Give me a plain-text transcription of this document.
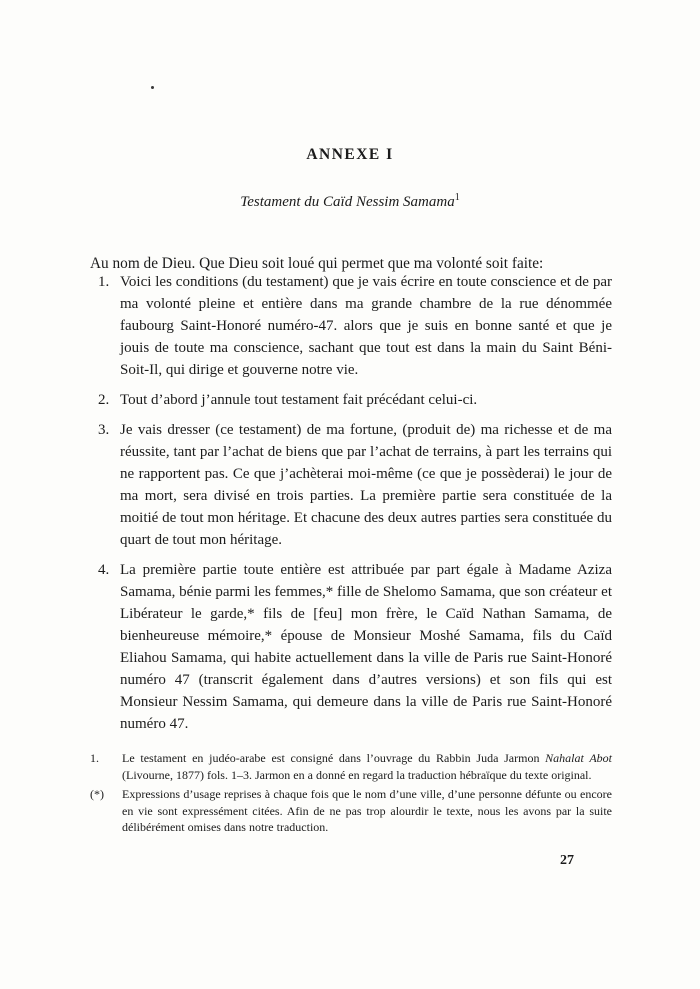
ANNEXE I
Testament du Caïd Nessim Samama$^1$

Au nom de Dieu. Que Dieu soit loué qui permet que ma volonté soit faite:

1. Voici les conditions (du testament) que je vais écrire en toute conscience et de par ma volonté pleine et entière dans ma grande chambre de la rue dénommée faubourg Saint-Honoré numéro-47. alors que je suis en bonne santé et que je jouis de toute ma conscience, sachant que tout est dans la main du Saint Béni-Soit-Il, qui dirige et gouverne notre vie.
2. Tout d’abord j’annule tout testament fait précédant celui-ci.
3. Je vais dresser (ce testament) de ma fortune, (produit de) ma richesse et de ma réussite, tant par l’achat de biens que par l’achat de terrains, à part les terrains qui ne rapportent pas. Ce que j’achèterai moi-même (ce que je possèderai) le jour de ma mort, sera divisé en trois parties. La première partie sera constituée de la moitié de tout mon héritage. Et chacune des deux autres parties sera constituée du quart de tout mon héritage.
4. La première partie toute entière est attribuée par part égale à Madame Aziza Samama, bénie parmi les femmes,* fille de Shelomo Samama, que son créateur et Libérateur le garde,* fils de [feu] mon frère, le Caïd Nathan Samama, de bienheureuse mémoire,* épouse de Monsieur Moshé Samama, fils du Caïd Eliahou Samama, qui habite actuellement dans la ville de Paris rue Saint-Honoré numéro 47 (transcrit également dans d’autres versions) et son fils qui est Monsieur Nessim Samama, qui demeure dans la ville de Paris rue Saint-Honoré numéro 47.
1.	Le testament en judéo-arabe est consigné dans l’ouvrage du Rabbin Juda Jarmon Nahalat Abot (Livourne, 1877) fols. 1–3. Jarmon en a donné en regard la traduction hébraïque du texte original.
(*)	Expressions d’usage reprises à chaque fois que le nom d’une ville, d’une personne défunte ou encore en vie sont expressément citées. Afin de ne pas trop alourdir le texte, nous les avons par la suite délibérément omises dans notre traduction.
27
